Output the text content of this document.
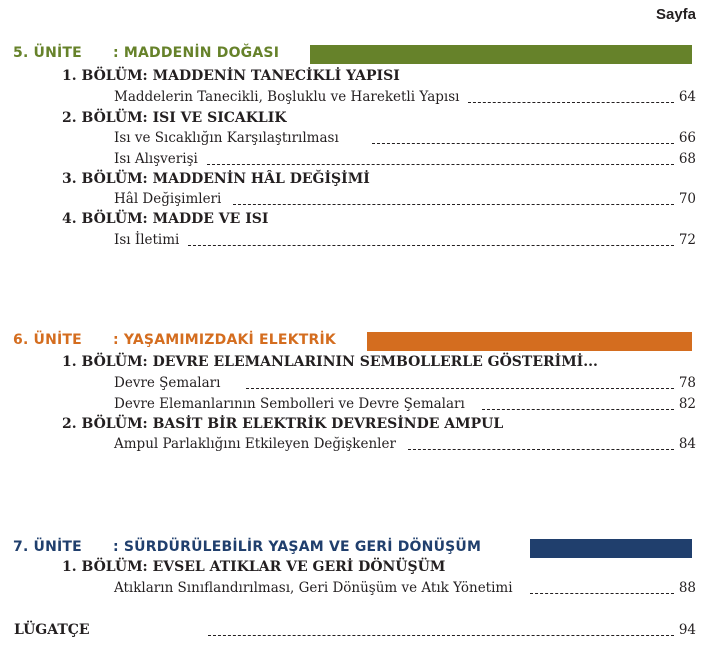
Sayfa
5. ÜNİTE : MADDENİN DOĞASI
1. BÖLÜM: MADDENİN TANECİKLİ YAPISI
Maddelerin Tanecikli, Boşluklu ve Hareketli Yapısı	64
2. BÖLÜM: ISI VE SICAKLIK
Isı ve Sıcaklığın Karşılaştırılması	66
Isı Alışverişi	68
3. BÖLÜM: MADDENİN HÂL DEĞİŞİMİ
Hâl Değişimleri	70
4. BÖLÜM: MADDE VE ISI
Isı İletimi	72
6. ÜNİTE : YAŞAMIMIZDAKİ ELEKTRİK
1. BÖLÜM: DEVRE ELEMANLARININ SEMBOLLERLE GÖSTERİMİ...
Devre Şemaları	78
Devre Elemanlarının Sembolleri ve Devre Şemaları	82
2. BÖLÜM: BASİT BİR ELEKTRİK DEVRESİNDE AMPUL
Ampul Parlaklığını Etkileyen Değişkenler	84
7. ÜNİTE : SÜRDÜRÜLEBİLİR YAŞAM VE GERİ DÖNÜŞÜM
1. BÖLÜM: EVSEL ATIKLAR VE GERİ DÖNÜŞÜM
Atıkların Sınıflandırılması, Geri Dönüşüm ve Atık Yönetimi	88
LÜGATÇE	94
